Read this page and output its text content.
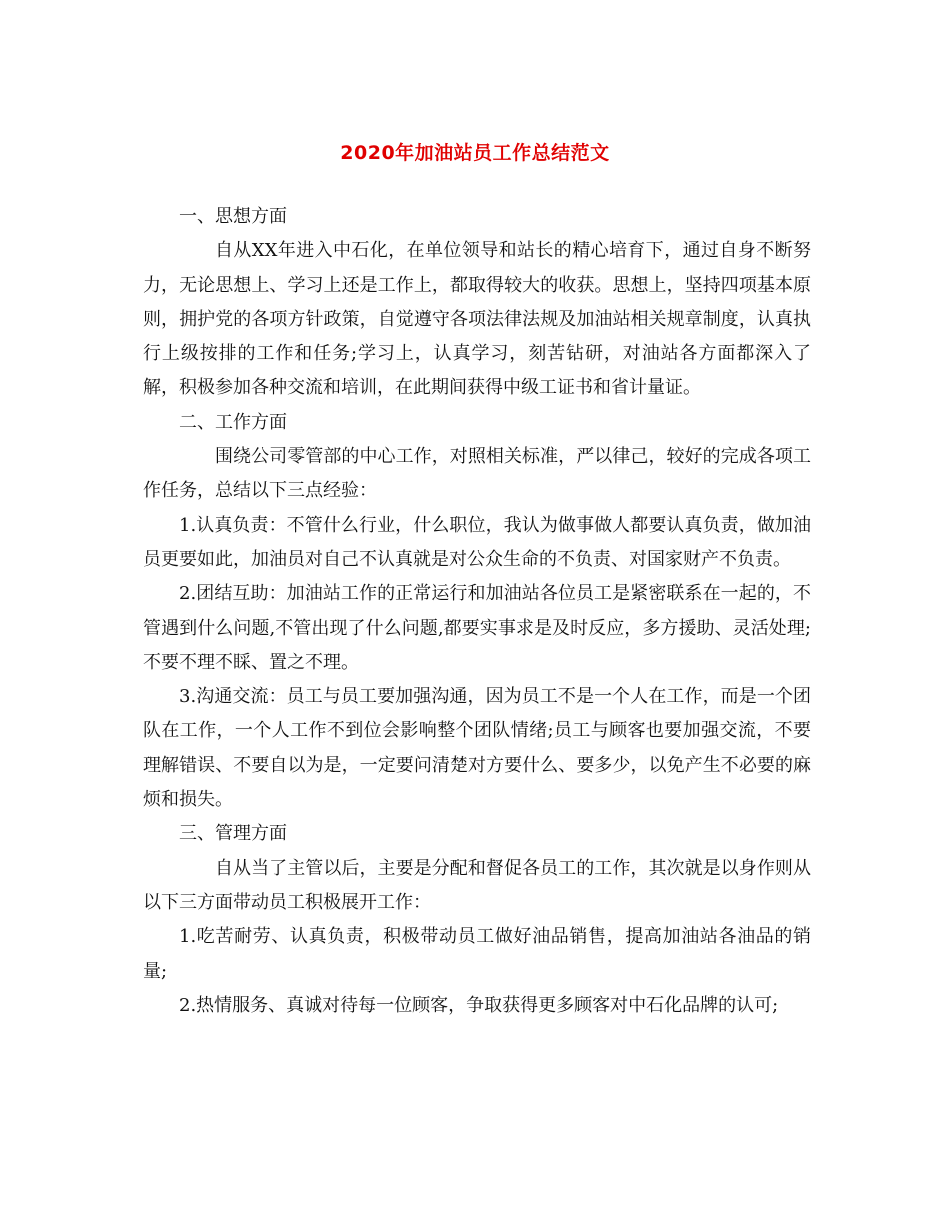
2020年加油站员工作总结范文

一、思想方面

自从XX年进入中石化，在单位领导和站长的精心培育下，通过自身不断努力，无论思想上、学习上还是工作上，都取得较大的收获。思想上，坚持四项基本原则，拥护党的各项方针政策，自觉遵守各项法律法规及加油站相关规章制度，认真执行上级按排的工作和任务;学习上，认真学习，刻苦钻研，对油站各方面都深入了解，积极参加各种交流和培训，在此期间获得中级工证书和省计量证。

二、工作方面

围绕公司零管部的中心工作，对照相关标准，严以律己，较好的完成各项工作任务，总结以下三点经验：

1.认真负责：不管什么行业，什么职位，我认为做事做人都要认真负责，做加油员更要如此，加油员对自己不认真就是对公众生命的不负责、对国家财产不负责。

2.团结互助：加油站工作的正常运行和加油站各位员工是紧密联系在一起的，不管遇到什么问题,不管出现了什么问题,都要实事求是及时反应，多方援助、灵活处理;不要不理不睬、置之不理。

3.沟通交流：员工与员工要加强沟通，因为员工不是一个人在工作，而是一个团队在工作，一个人工作不到位会影响整个团队情绪;员工与顾客也要加强交流，不要理解错误、不要自以为是，一定要问清楚对方要什么、要多少，以免产生不必要的麻烦和损失。

三、管理方面

自从当了主管以后，主要是分配和督促各员工的工作，其次就是以身作则从以下三方面带动员工积极展开工作：

1.吃苦耐劳、认真负责，积极带动员工做好油品销售，提高加油站各油品的销量;

2.热情服务、真诚对待每一位顾客，争取获得更多顾客对中石化品牌的认可;
